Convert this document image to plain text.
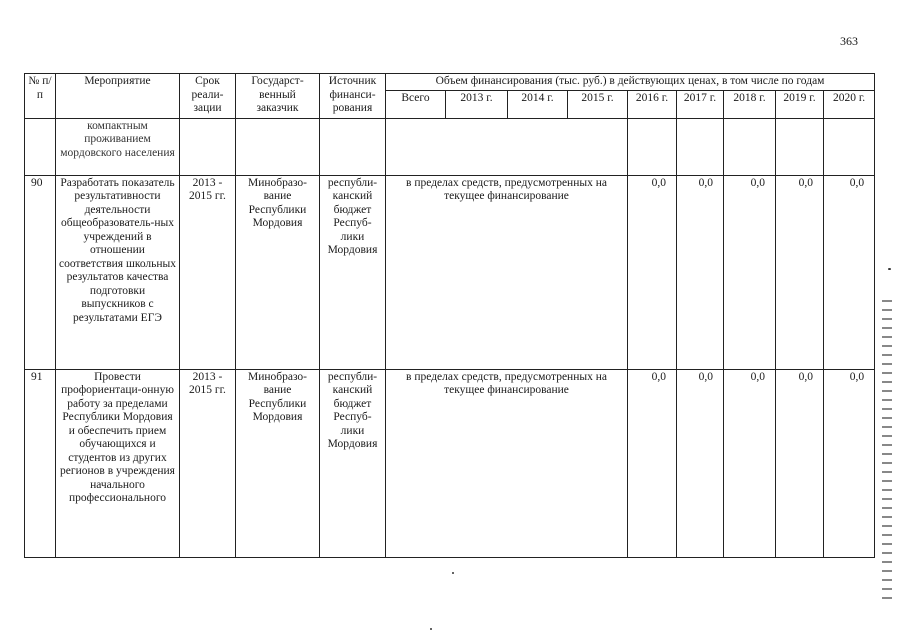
363
№ п/п	Мероприятие	Срок реали-зации	Государст-венный заказчик	Источник финанси-рования	Объем финансирования (тыс. руб.) в действующих ценах, в том числе по годам								
					Всего	2013 г.	2014 г.	2015 г.	2016 г.	2017 г.	2018 г.	2019 г.	2020 г.
	компактным проживанием мордовского населения												
90	Разработать показатель результативности деятельности общеобразователь-ных учреждений в отношении соответствия школьных результатов качества подготовки выпускников с результатами ЕГЭ	2013 - 2015 гг.	Минобразо-вание Республики Мордовия	республи-канский бюджет Респуб-лики Мордовия	в пределах средств, предусмотренных на текущее финансирование				0,0	0,0	0,0	0,0	0,0
91	Провести профориентаци-онную работу за пределами Республики Мордовия и обеспечить прием обучающихся и студентов из других регионов в учреждения начального профессионального	2013 - 2015 гг.	Минобразо-вание Республики Мордовия	республи-канский бюджет Респуб-лики Мордовия	в пределах средств, предусмотренных на текущее финансирование				0,0	0,0	0,0	0,0	0,0
